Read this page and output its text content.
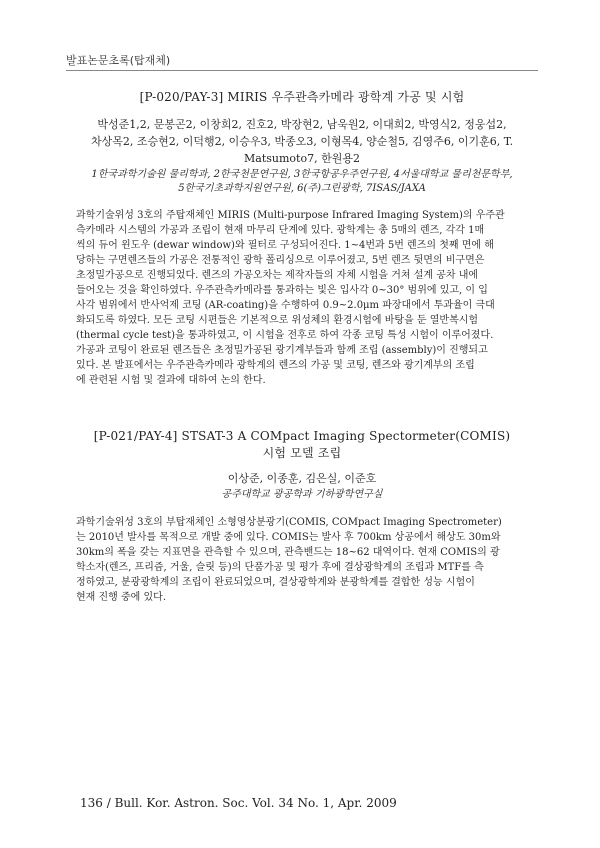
발표논문초록(탑재체)
[P-020/PAY-3] MIRIS 우주관측카메라 광학계 가공 및 시험
박성준1,2, 문봉곤2, 이창희2, 진호2, 박장현2, 남욱원2, 이대희2, 박영식2, 정웅섭2,
차상목2, 조승현2, 이덕행2, 이승우3, 박종오3, 이형목4, 양순철5, 김영주6, 이기훈6, T.
Matsumoto7, 한원용2
1한국과학기술원 물리학과, 2한국천문연구원, 3한국항공우주연구원, 4서울대학교 물리천문학부,
5한국기초과학지원연구원, 6(주)그린광학, 7ISAS/JAXA
과학기술위성 3호의 주탑재체인 MIRIS (Multi-purpose Infrared Imaging System)의 우주관
측카메라 시스템의 가공과 조립이 현재 마무리 단계에 있다. 광학계는 총 5매의 렌즈, 각각 1매
씩의 듀어 윈도우 (dewar window)와 필터로 구성되어진다. 1~4번과 5번 렌즈의 첫째 면에 해
당하는 구면렌즈들의 가공은 전통적인 광학 폴리싱으로 이루어졌고, 5번 렌즈 뒷면의 비구면은
초정밀가공으로 진행되었다. 렌즈의 가공오차는 제작자들의 자체 시험을 거쳐 설계 공차 내에
들어오는 것을 확인하였다. 우주관측카메라를 통과하는 빛은 입사각 0~30° 범위에 있고, 이 입
사각 범위에서 반사억제 코팅 (AR-coating)을 수행하여 0.9~2.0μm 파장대에서 투과율이 극대
화되도록 하였다. 모든 코팅 시편들은 기본적으로 위성체의 환경시험에 바탕을 둔 열반복시험
(thermal cycle test)을 통과하였고, 이 시험을 전후로 하여 각종 코팅 특성 시험이 이루어졌다.
가공과 코팅이 완료된 렌즈들은 초정밀가공된 광기계부들과 함께 조립 (assembly)이 진행되고
있다. 본 발표에서는 우주관측카메라 광학계의 렌즈의 가공 및 코팅, 렌즈와 광기계부의 조립
에 관련된 시험 및 결과에 대하여 논의 한다.
[P-021/PAY-4] STSAT-3 A COMpact Imaging Spectormeter(COMIS)
시험 모델 조립
이상준, 이종훈, 김은실, 이준호
공주대학교 광공학과 기하광학연구실
과학기술위성 3호의 부탑재체인 소형영상분광기(COMIS, COMpact Imaging Spectrometer)
는 2010년 발사를 목적으로 개발 중에 있다. COMIS는 발사 후 700km 상공에서 해상도 30m와
30km의 폭을 갖는 지표면을 관측할 수 있으며, 관측밴드는 18~62 대역이다. 현재 COMIS의 광
학소자(렌즈, 프리즘, 거울, 슬릿 등)의 단품가공 및 평가 후에 결상광학계의 조립과 MTF를 측
정하였고, 분광광학계의 조립이 완료되었으며, 결상광학계와 분광학계를 결합한 성능 시험이
현재 진행 중에 있다.
136 / Bull. Kor. Astron. Soc. Vol. 34 No. 1, Apr. 2009
